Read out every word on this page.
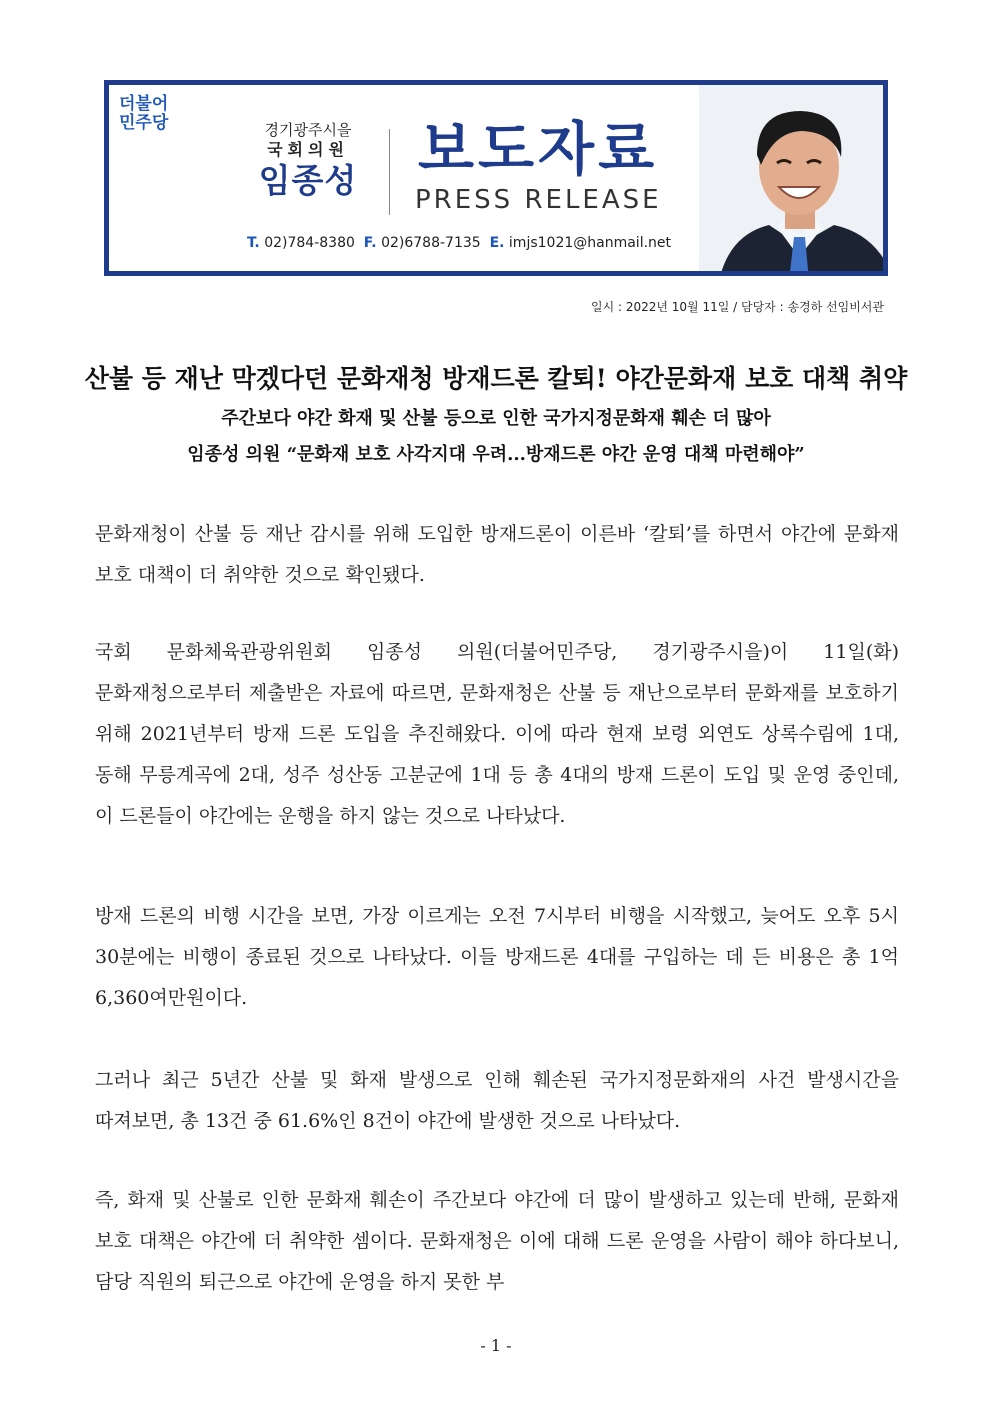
더불어
민주당	경기광주시을
국회의원
임종성 보도자료
PRESS RELEASE
T. 02)784-8380 F. 02)6788-7135 E. imjs1021@hanmail.net
일시 : 2022년 10월 11일 / 담당자 : 송경하 선임비서관
산불 등 재난 막겠다던 문화재청 방재드론 칼퇴! 야간문화재 보호 대책 취약
주간보다 야간 화재 및 산불 등으로 인한 국가지정문화재 훼손 더 많아
임종성 의원 “문화재 보호 사각지대 우려...방재드론 야간 운영 대책 마련해야”
문화재청이 산불 등 재난 감시를 위해 도입한 방재드론이 이른바 ‘칼퇴’를 하면서 야간에 문화재 보호 대책이 더 취약한 것으로 확인됐다.
국회 문화체육관광위원회 임종성 의원(더불어민주당, 경기광주시을)이 11일(화) 문화재청으로부터 제출받은 자료에 따르면, 문화재청은 산불 등 재난으로부터 문화재를 보호하기 위해 2021년부터 방재 드론 도입을 추진해왔다. 이에 따라 현재 보령 외연도 상록수림에 1대, 동해 무릉계곡에 2대, 성주 성산동 고분군에 1대 등 총 4대의 방재 드론이 도입 및 운영 중인데, 이 드론들이 야간에는 운행을 하지 않는 것으로 나타났다.
방재 드론의 비행 시간을 보면, 가장 이르게는 오전 7시부터 비행을 시작했고, 늦어도 오후 5시 30분에는 비행이 종료된 것으로 나타났다. 이들 방재드론 4대를 구입하는 데 든 비용은 총 1억 6,360여만원이다.
그러나 최근 5년간 산불 및 화재 발생으로 인해 훼손된 국가지정문화재의 사건 발생시간을 따져보면, 총 13건 중 61.6%인 8건이 야간에 발생한 것으로 나타났다.
즉, 화재 및 산불로 인한 문화재 훼손이 주간보다 야간에 더 많이 발생하고 있는데 반해, 문화재 보호 대책은 야간에 더 취약한 셈이다. 문화재청은 이에 대해 드론 운영을 사람이 해야 하다보니, 담당 직원의 퇴근으로 야간에 운영을 하지 못한 부
- 1 -
